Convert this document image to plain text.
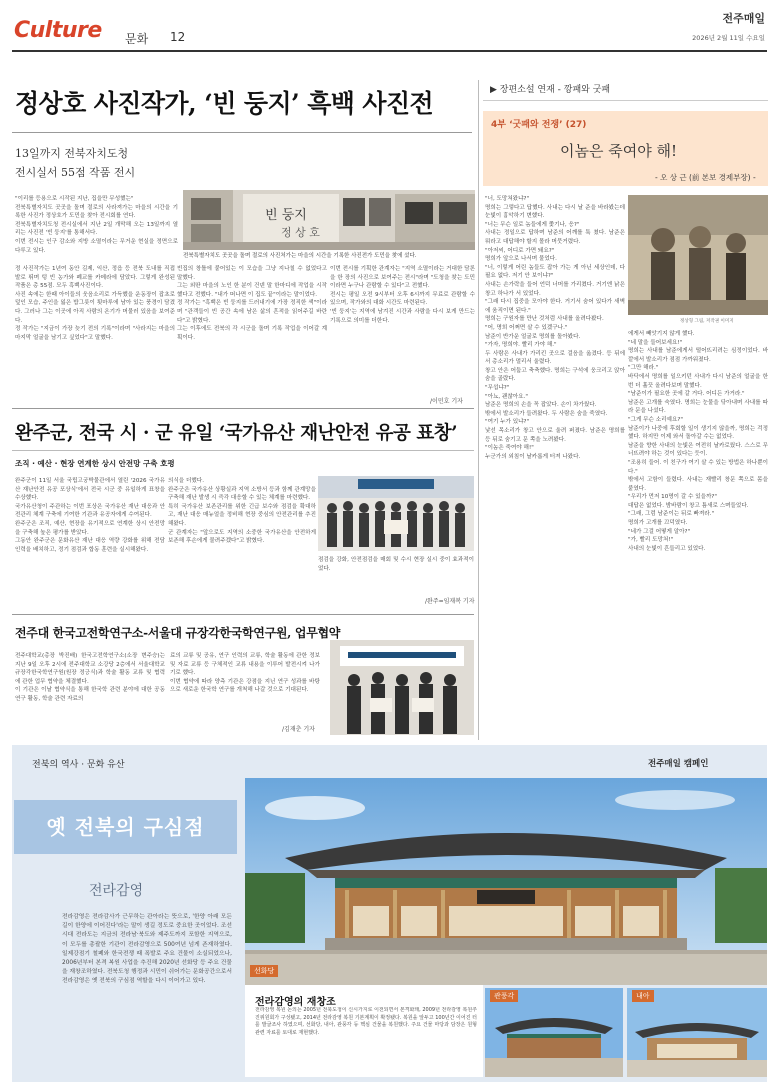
Culture 문화 12
전주매일
2026년 2월 11일 수요일
정상호 사진작가, ‘빈 둥지’ 흑백 사진전
13일까지 전북자치도청
전시실서 55점 작품 전시

"이리를 등용으로 시작된 지난, 집을만 무성했는"

전북특별자치도 곳곳을 돌며 절로의 사라져가는 마을의 시간을 기록한 사진가 정상호가 도민을 찾아 전시회를 연다.

전북특별자치도청 전시실에서 지난 2일 개막해 오는 13일까지 열리는 사진전 '빈 둥지'를 통해서다.

이번 전시는 인구 감소와 지방 소멸이라는 무거운 현실을 정면으로 다루고 있다.

빈 둥지
정 상 호
전북특별자치도 곳곳을 돌며 절로의 사진처가는 마을의 시간을 기록한 사진전가 도민을 찾에 섰다.

정 사진작가는 1년여 동안 김제, 익산, 정읍 등 전북 도내를 직접 발로 뛰며 텅 빈 농가와 폐교를 카메라에 담았다. 그렇게 완성된 작품은 총 55점. 모두 흑백사진이다.

사진 속에는 한때 아이들의 웃음소리로 가득했을 운동장이 잡초로 덮인 모습, 주인을 잃은 밥그릇이 툇마루에 남아 있는 풍경이 담겼다. 그러나 그는 이곳에 아직 사람의 온기가 머물러 있음을 보여준다.

정 작가는 "지금이 가장 늦기 전의 기록"이라며 "사라지는 마을의 마지막 얼굴을 남기고 싶었다"고 말했다.

빈집의 창틀에 붙어있는 이 모습을 그냥 지나칠 수 없었다고 말했다.

그는 외딴 마을의 노인 한 분이 건넨 말 한마디에 작업을 시작했다고 전했다. "내가 떠나면 이 집도 끝"이라는 말이었다.

정 작가는 "흑백은 빈 둥지를 드러내기에 가장 정직한 색"이라며 "관객들이 빈 공간 속에 남은 삶의 흔적을 읽어주길 바란다"고 밝혔다.

그는 이후에도 전북의 각 시군을 돌며 기록 작업을 이어갈 계획이다.

이번 전시를 기획한 관계자는 "지역 소멸이라는 거대한 담론을 한 장의 사진으로 보여주는 전시"라며 "도청을 찾는 도민이라면 누구나 관람할 수 있다"고 전했다.

전시는 평일 오전 9시부터 오후 6시까지 무료로 관람할 수 있으며, 작가와의 대화 시간도 마련된다.

'빈 둥지'는 지역에 남겨진 시간과 사람을 다시 보게 만드는 기록으로 의미를 더한다.

/이민호 기자
▶ 장편소설 연재 - 깡패와 굿패
4부 ‘굿패와 전쟁’ (27)
이놈은 죽여야 해!
- 오 상 근 (前 본보 경제부장) -

"너, 도망쳐왔냐?"

명희는 그렇다고 답했다. 사내는 다시 날 준을 바라봤는데 눈빛이 흉악하기 변했다.

"너는 무슨 일로 놈들에게 쫓기나, 응?"

사내는 정일으로 답하며 남준의 어깨를 툭 쳤다. 남준은 뭐라고 대답해야 할지 몰라 머뭇거렸다.

"아저씨, 어디로 가면 돼요?"

명희가 앞으로 나서며 물었다.

"너, 이렇게 어린 놈들도 잡아 가는 게 아닌 세상인데, 다 필요 없다. 저기 안 보이냐?"

사내는 손가락을 들어 언덕 너머를 가리켰다. 거기엔 낡은 창고 하나가 서 있었다.

"그래 다시 집중을 모아야 한다. 거기서 숨어 있다가 새벽에 움직이면 된다."

명희는 구원자를 만난 것처럼 사내를 올려다봤다.

"어, 명희 어쩌면 살 수 있겠구나."

남준이 반가운 얼굴로 명희를 돌아봤다.

"가자, 명희야. 빨리 가야 해."

두 사람은 사내가 가리킨 곳으로 걸음을 옮겼다. 등 뒤에서 총소리가 멀리서 울렸다.

창고 안은 어둡고 축축했다. 명희는 구석에 웅크리고 앉아 숨을 골랐다.

"무섭냐?"

"아뇨, 괜찮아요."

남준은 명희의 손을 꼭 잡았다. 손이 차가웠다.

밖에서 발소리가 들려왔다. 두 사람은 숨을 죽였다.

"여기 누가 있냐?"

낯선 목소리가 창고 안으로 울려 퍼졌다. 남준은 명희를 등 뒤로 숨기고 문 쪽을 노려봤다.

"이놈은 죽여야 해!"

누군가의 외침이 날카롭게 터져 나왔다.

정상형 그림, 저작권 이미지

에게서 빼앗기지 않게 했다.

"네 말을 들어보세요!"

명희는 사내를 남준에게서 떨어뜨리려는 심정이었다. 바깥에서 발소리가 점점 가까워졌다.

"그만 해라."

바닥에서 명희를 일으키던 사내가 다시 남준의 얼굴을 한 번 더 흘끗 올려다보며 말했다.

"남준이가 필요한 곳에 갈 거다. 어디든 가거라."

남준은 고개를 숙였다. 명희는 눈물을 닦아내며 사내를 따라 문을 나섰다.

"그게 무슨 소리예요?"

남준이가 나중에 후회할 일이 생기지 않을까, 명희는 걱정했다. 하지만 이제 와서 돌아갈 수는 없었다.

남준을 향한 사내의 눈빛은 여전히 날카로웠다. 스스로 무너뜨려야 하는 것이 있다는 듯이.

"조용히 들어. 이 친구가 여기 살 수 있는 방법은 하나뿐이다."

밖에서 고함이 들렸다. 사내는 재빨리 창문 쪽으로 몸을 붙였다.

"우리가 먼저 10명이 갈 수 있을까?"

대답은 없었다. 밤바람이 창고 틈새로 스며들었다.

"그래, 그럼 남준이는 뒤로 빠져라."

명희가 고개를 끄덕였다.

"네가 그걸 어떻게 알아?"

"가, 빨리 도망쳐!"

사내의 눈빛이 흔들리고 있었다.

완주군, 전국 시 · 군 유일 ‘국가유산 재난안전 유공 표창’
조직 · 예산 · 현장 연계한 상시 안전망 구축 호평

완주군이 11일 서울 국립고궁박물관에서 열린 '2026 국가유산 재난안전 유공 포상식'에서 전국 시군 중 유일하게 표창을 수상했다.

국가유산청이 주관하는 이번 포상은 국가유산 재난 대응과 안전관리 체계 구축에 기여한 기관과 유공자에게 수여된다.

완주군은 조직, 예산, 현장을 유기적으로 연계한 상시 안전망을 구축해 높은 평가를 받았다.

그동안 완주군은 문화유산 재난 대응 역량 강화를 위해 전담 인력을 배치하고, 정기 점검과 합동 훈련을 실시해왔다.

의식을 더했다.

완주군은 국가유산 상황실과 지역 소방서 등과 함께 관계망을 구축해 재난 발생 시 즉각 대응할 수 있는 체계를 마련했다.

특히 국가유산 보존관리를 위한 긴급 보수와 점검을 확대하고, 재난 대응 매뉴얼을 정비해 현장 중심의 안전관리를 추진해왔다.

군 관계자는 "앞으로도 지역의 소중한 국가유산을 안전하게 보존해 후손에게 물려주겠다"고 밝혔다.

점검을 강화, 안전점검을 매회 및 수시 현장 실시 중이 효과적이었다.

/완주=임재복 기자
전주대 한국고전학연구소-서울대 규장각한국학연구원, 업무협약

전주대학교(총장 박진배) 한국고전학연구소(소장 변주승)는 지난 9일 오후 2시에 전주대학교 소강당 2층에서 서울대학교 규장각한국학연구원(원장 정긍식)과 학술 활동 교류 및 협력에 관한 업무 협약을 체결했다.

이 기관은 이날 협약식을 통해 한국학 관련 분야에 대한 공동 연구 활동, 학술 관련 자료의

료의 교류 및 공유, 연구 인력의 교류, 학술 활동에 관한 정보 및 자료 교류 등 구체적인 교류 내용을 이루어 발전시켜 나가기로 했다.

이번 협약에 따라 양측 기관은 강점을 지닌 연구 성과를 바탕으로 새로운 한국학 연구를 개척해 나갈 것으로 기대된다.

/김재춘 기자
전북의 역사 · 문화 유산	전주매일 캠페인
옛 전북의 구심점
전라감영
전라감영은 전라감사가 근무하는 관아라는 뜻으로, '한양 아래 모든 길이 한양에 이어진다'라는 말이 생길 정도로 중요한 곳이었다. 조선시대 전라도는 지금의 전라남·북도와 제주도까지 포함한 지역으로, 이 모두를 총괄한 기관이 전라감영으로 500여년 넘게 존재하였다. 일제강점기 철폐와 한국전쟁 때 폭발로 주요 건물이 소실되었으나, 2006년부터 본격 복원 사업을 추진해 2020년 선화당 등 주요 건물을 재창조하였다. 전북도청 행정과 시민이 쉬어가는 문화공간으로서 전라감영은 옛 전북의 구심점 역할을 다시 이어가고 있다.
선화당
전라감영의 재창조
전라감영 복원 논의는 2005년 전북도청이 신시가지로 이전되면서 본격화돼, 2009년 전라감영 복원추진위원회가 구성됐고, 2014년 전라감영 복원 기본계획이 확정됐다. 복원을 앞두고 100년간 이어진 터를 발굴조사 하였으며, 선화당, 내아, 관풍각 등 핵심 건물을 복원했다. 주요 건물 마당과 담장은 원형 관련 자료를 토대로 재현했다.
관풍각	내아
